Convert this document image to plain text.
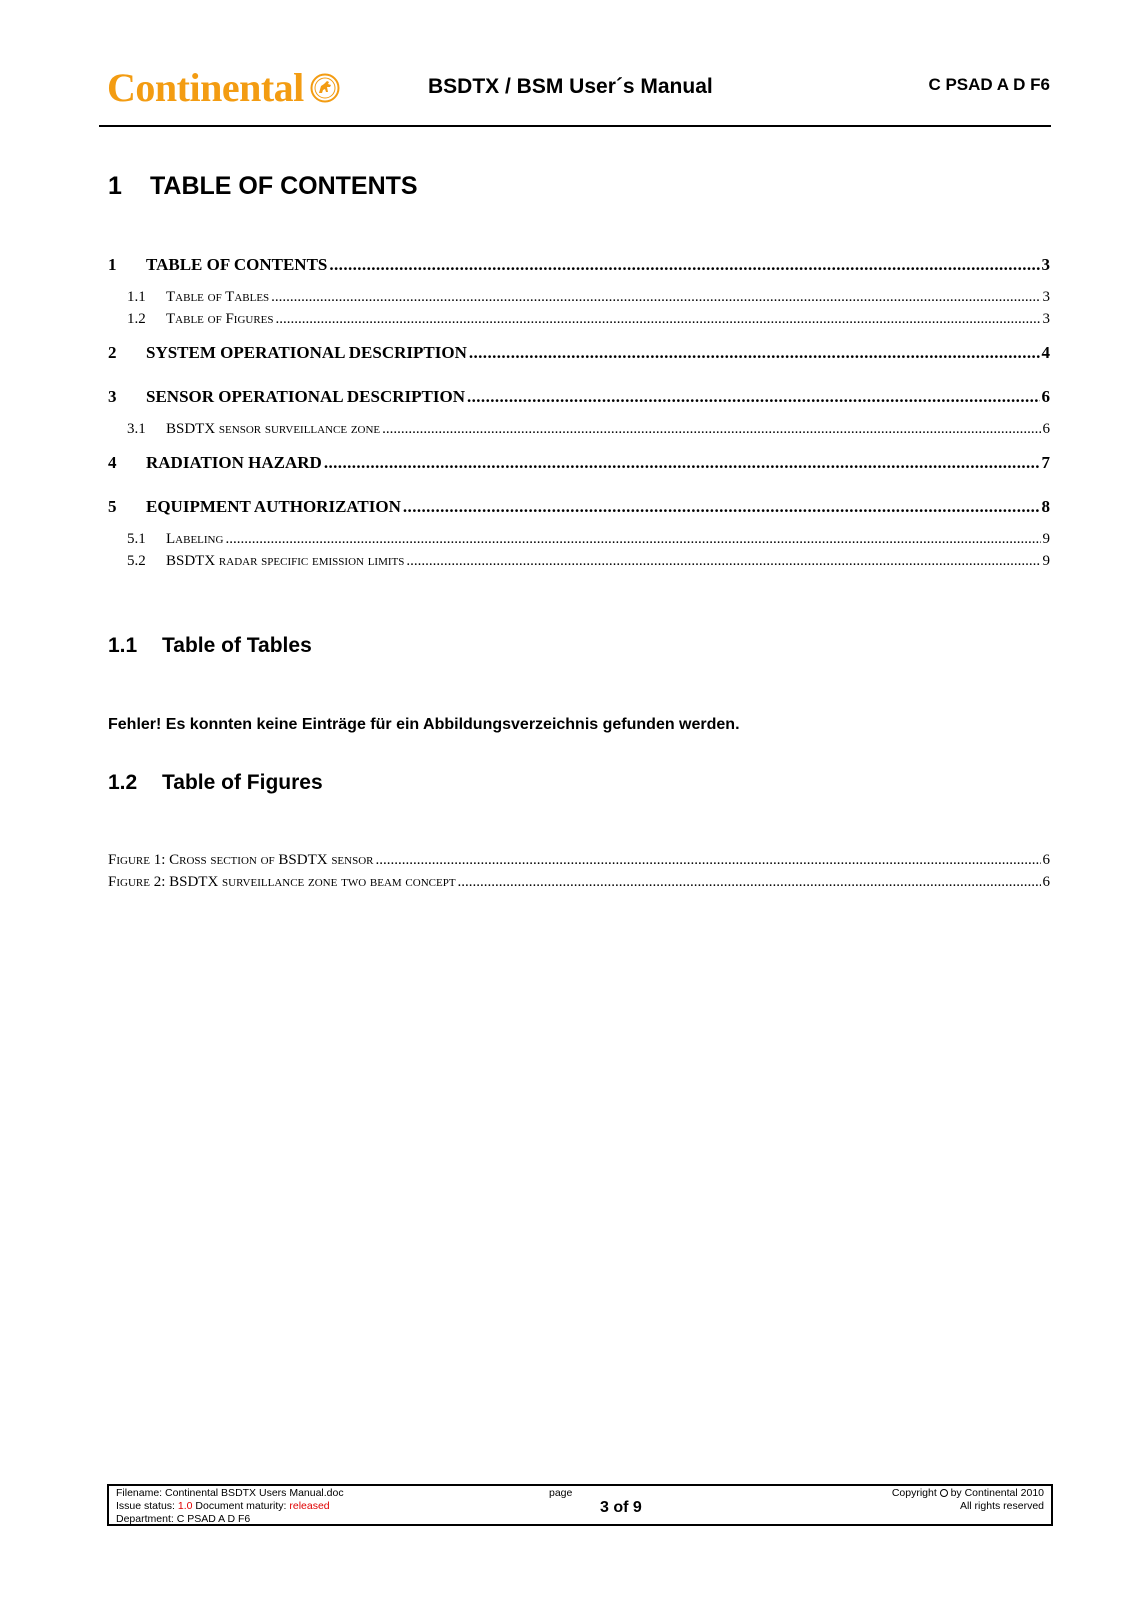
Continental	BSDTX / BSM User´s Manual	C PSAD A D F6
1 TABLE OF CONTENTS
1	TABLE OF CONTENTS .....	3
1.1	Table of Tables .....	3
1.2	Table of Figures .....	3
2	SYSTEM OPERATIONAL DESCRIPTION .....	4
3	SENSOR OPERATIONAL DESCRIPTION .....	6
3.1	BSDTX sensor surveillance zone .....	6
4	RADIATION HAZARD .....	7
5	EQUIPMENT AUTHORIZATION .....	8
5.1	Labeling .....	9
5.2	BSDTX radar specific emission limits .....	9
1.1 Table of Tables
Fehler! Es konnten keine Einträge für ein Abbildungsverzeichnis gefunden werden.
1.2 Table of Figures
Figure 1: Cross section of BSDTX sensor .....	6
Figure 2: BSDTX surveillance zone two beam concept .....	6
Filename: Continental BSDTX Users Manual.doc
Issue status: 1.0 Document maturity: released
Department: C PSAD A D F6
page
3 of 9
Copyright  by Continental 2010
All rights reserved
